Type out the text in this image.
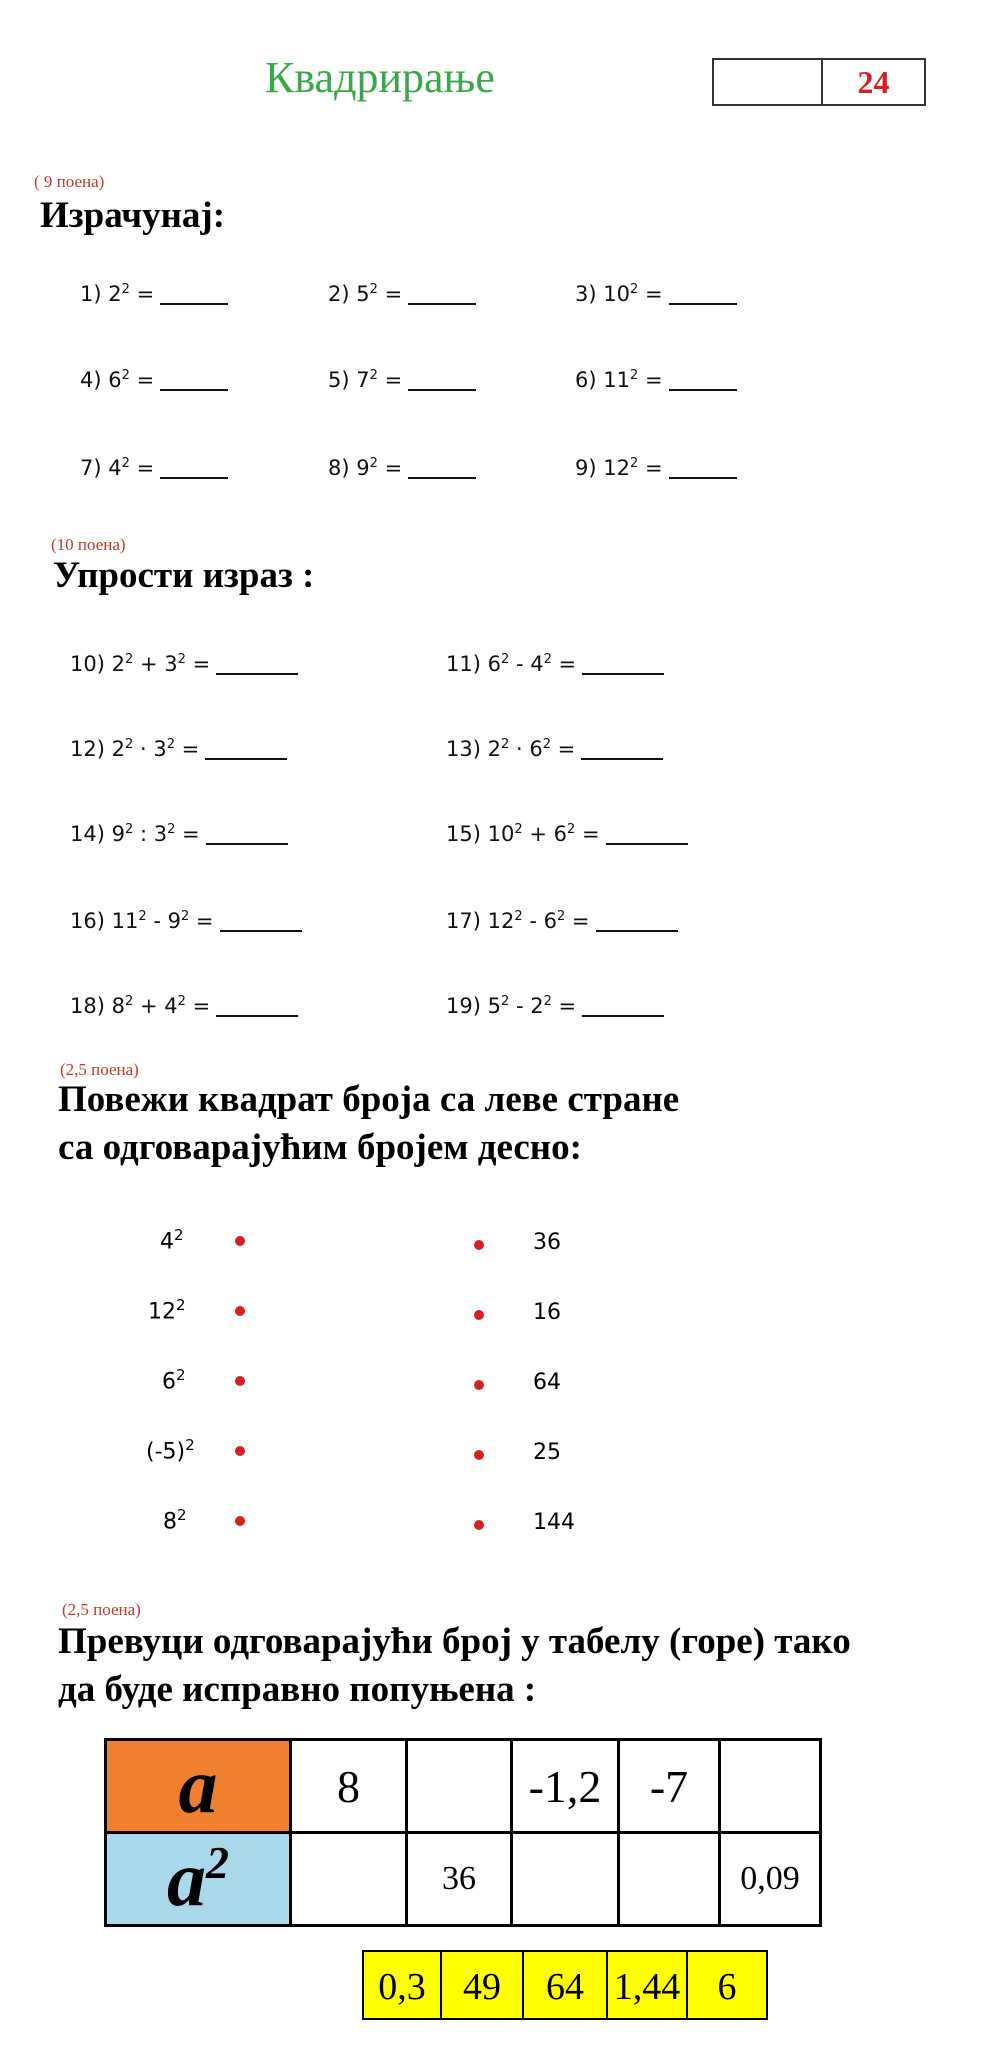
Квадрирање	24
( 9 поена)
Израчунај:
1) $2^2$ =	2) $5^2$ =	3) $10^2$ =
4) $6^2$ =	5) $7^2$ =	6) $11^2$ =
7) $4^2$ =	8) $9^2$ =	9) $12^2$ =
(10 поена)
Упрости израз :
10) $2^2 + 3^2$ =	11) $6^2 - 4^2$ =
12) $2^2 \cdot 3^2$ =	13) $2^2 \cdot 6^2$ =
14) $9^2$ : $3^2$ =	15) $10^2 + 6^2$ =
16) $11^2 - 9^2$ =	17) $12^2 - 6^2$ =
18) $8^2 + 4^2$ =	19) $5^2 - 2^2$ =
(2,5 поена)
Повежи квадрат броја са леве стране
са одговарајућим бројем десно:
$4^2$	36
$12^2$	16
$6^2$	64
$(-5)^2$	25
$8^2$	144
(2,5 поена)
Превуци одговарајући број у табелу (горе) тако
да буде исправно попуњена :
a	8		-1,2	-7	
$a^2$		36			0,09
0,3 49	64 1,44 6
